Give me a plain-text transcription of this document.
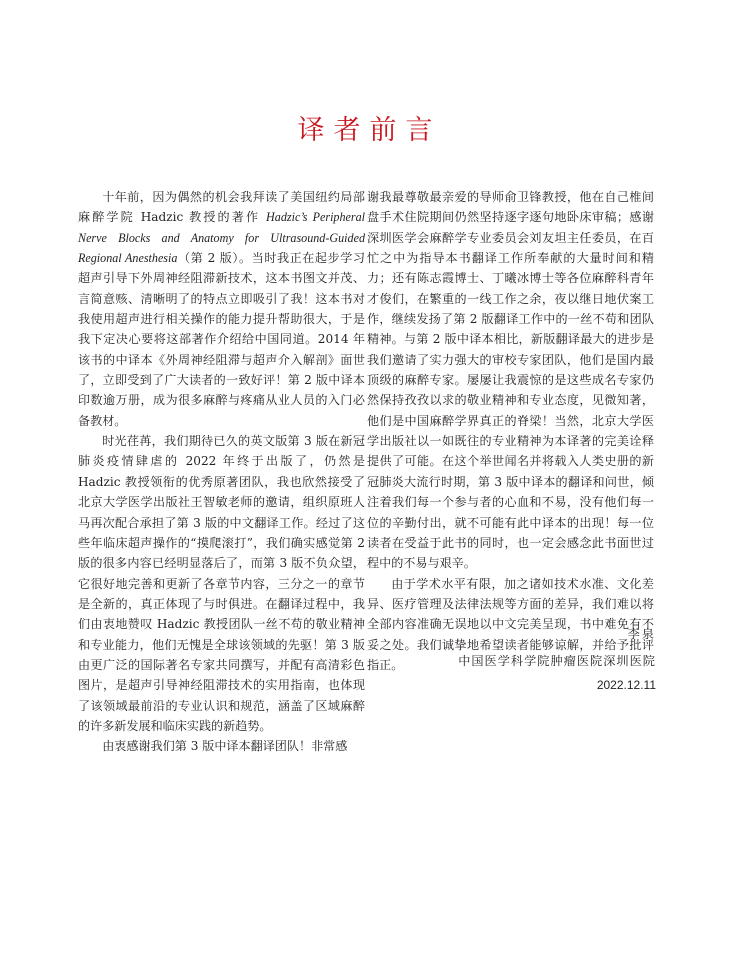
译者前言

十年前，因为偶然的机会我拜读了美国纽约局部麻醉学院 Hadzic 教授的著作 Hadzic’s Peripheral Nerve Blocks and Anatomy for Ultrasound-Guided Regional Anesthesia（第 2 版）。当时我正在起步学习超声引导下外周神经阻滞新技术，这本书图文并茂、言简意赅、清晰明了的特点立即吸引了我！这本书对我使用超声进行相关操作的能力提升帮助很大，于是我下定决心要将这部著作介绍给中国同道。2014 年该书的中译本《外周神经阻滞与超声介入解剖》面世了，立即受到了广大读者的一致好评！第 2 版中译本印数逾万册，成为很多麻醉与疼痛从业人员的入门必备教材。

时光荏苒，我们期待已久的英文版第 3 版在新冠肺炎疫情肆虐的 2022 年终于出版了，仍然是 Hadzic 教授领衔的优秀原著团队，我也欣然接受了北京大学医学出版社王智敏老师的邀请，组织原班人马再次配合承担了第 3 版的中文翻译工作。经过了这些年临床超声操作的“摸爬滚打”，我们确实感觉第 2 版的很多内容已经明显落后了，而第 3 版不负众望，它很好地完善和更新了各章节内容，三分之一的章节是全新的，真正体现了与时俱进。在翻译过程中，我们由衷地赞叹 Hadzic 教授团队一丝不苟的敬业精神和专业能力，他们无愧是全球该领域的先驱！第 3 版由更广泛的国际著名专家共同撰写，并配有高清彩色图片，是超声引导神经阻滞技术的实用指南，也体现了该领域最前沿的专业认识和规范，涵盖了区域麻醉的许多新发展和临床实践的新趋势。

由衷感谢我们第 3 版中译本翻译团队！非常感

谢我最尊敬最亲爱的导师俞卫锋教授，他在自己椎间盘手术住院期间仍然坚持逐字逐句地卧床审稿；感谢深圳医学会麻醉学专业委员会刘友坦主任委员，在百忙之中为指导本书翻译工作所奉献的大量时间和精力；还有陈志霞博士、丁曦冰博士等各位麻醉科青年才俊们，在繁重的一线工作之余，夜以继日地伏案工作，继续发扬了第 2 版翻译工作中的一丝不苟和团队精神。与第 2 版中译本相比，新版翻译最大的进步是我们邀请了实力强大的审校专家团队，他们是国内最顶级的麻醉专家。屡屡让我震惊的是这些成名专家仍然保持孜孜以求的敬业精神和专业态度，见微知著，他们是中国麻醉学界真正的脊梁！当然，北京大学医学出版社以一如既往的专业精神为本译著的完美诠释提供了可能。在这个举世闻名并将载入人类史册的新冠肺炎大流行时期，第 3 版中译本的翻译和问世，倾注着我们每一个参与者的心血和不易，没有他们每一位的辛勤付出，就不可能有此中译本的出现！每一位读者在受益于此书的同时，也一定会感念此书面世过程中的不易与艰辛。

由于学术水平有限，加之诸如技术水准、文化差异、医疗管理及法律法规等方面的差异，我们难以将全部内容准确无误地以中文完美呈现，书中难免有不妥之处。我们诚挚地希望读者能够谅解，并给予批评指正。

李泉
中国医学科学院肿瘤医院深圳医院
2022.12.11
